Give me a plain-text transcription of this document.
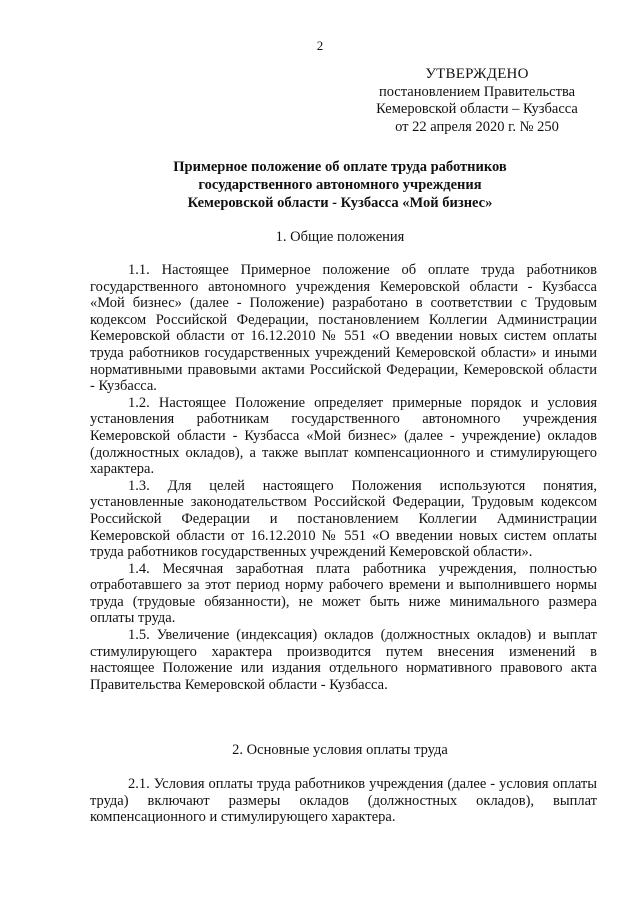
2
УТВЕРЖДЕНО
постановлением Правительства
Кемеровской области – Кузбасса
от 22 апреля 2020 г. № 250
Примерное положение об оплате труда работников
государственного автономного учреждения
Кемеровской области - Кузбасса «Мой бизнес»
1. Общие положения

1.1. Настоящее Примерное положение об оплате труда работников государственного автономного учреждения Кемеровской области - Кузбасса «Мой бизнес» (далее - Положение) разработано в соответствии с Трудовым кодексом Российской Федерации, постановлением Коллегии Администрации Кемеровской области от 16.12.2010 № 551 «О введении новых систем оплаты труда работников государственных учреждений Кемеровской области» и иными нормативными правовыми актами Российской Федерации, Кемеровской области - Кузбасса.

1.2. Настоящее Положение определяет примерные порядок и условия установления работникам государственного автономного учреждения Кемеровской области - Кузбасса «Мой бизнес» (далее - учреждение) окладов (должностных окладов), а также выплат компенсационного и стимулирующего характера.

1.3. Для целей настоящего Положения используются понятия, установленные законодательством Российской Федерации, Трудовым кодексом Российской Федерации и постановлением Коллегии Администрации Кемеровской области от 16.12.2010 № 551 «О введении новых систем оплаты труда работников государственных учреждений Кемеровской области».

1.4. Месячная заработная плата работника учреждения, полностью отработавшего за этот период норму рабочего времени и выполнившего нормы труда (трудовые обязанности), не может быть ниже минимального размера оплаты труда.

1.5. Увеличение (индексация) окладов (должностных окладов) и выплат стимулирующего характера производится путем внесения изменений в настоящее Положение или издания отдельного нормативного правового акта Правительства Кемеровской области - Кузбасса.

2. Основные условия оплаты труда

2.1. Условия оплаты труда работников учреждения (далее - условия оплаты труда) включают размеры окладов (должностных окладов), выплат компенсационного и стимулирующего характера.
